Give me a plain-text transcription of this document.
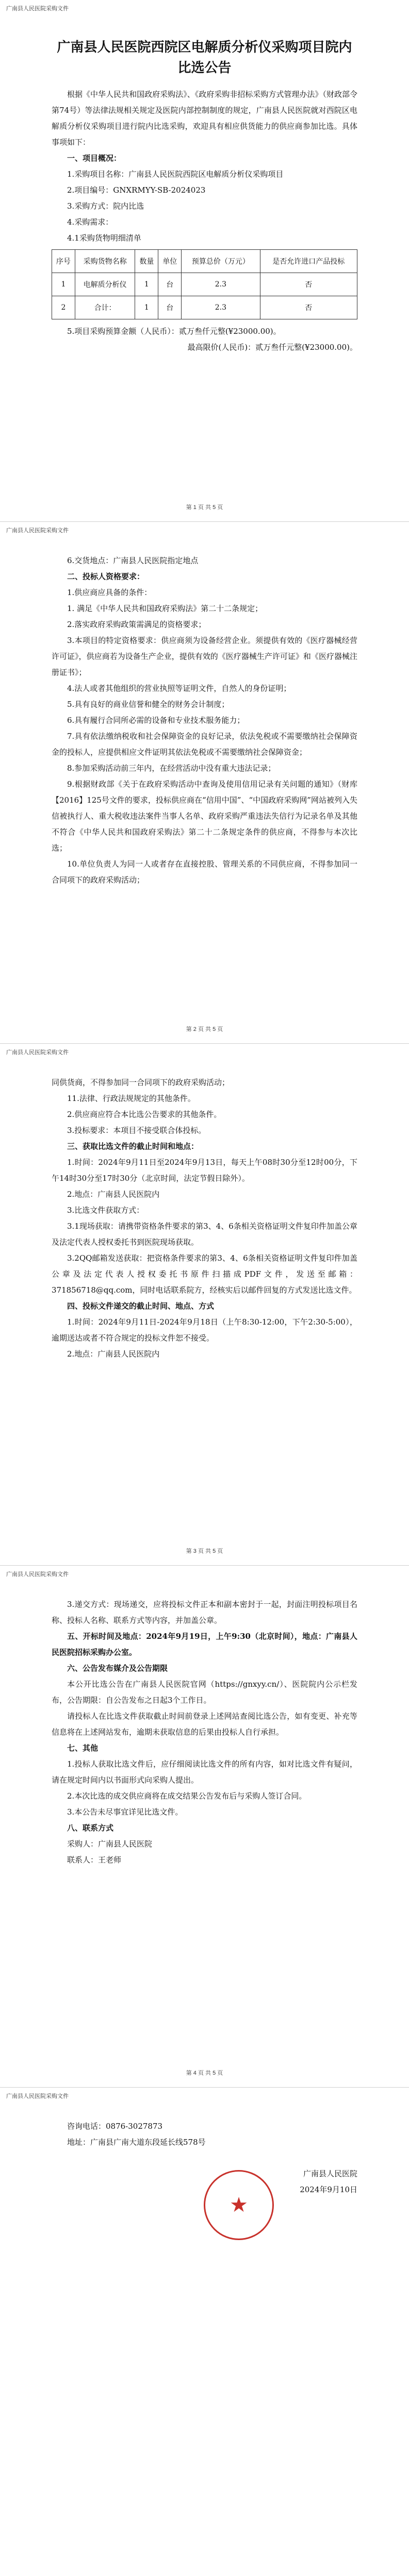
广南县人民医院采购文件
广南县人民医院西院区电解质分析仪采购项目院内比选公告

根据《中华人民共和国政府采购法》、《政府采购非招标采购方式管理办法》（财政部令第74号）等法律法规相关规定及医院内部控制制度的规定，广南县人民医院就对西院区电解质分析仪采购项目进行院内比选采购，欢迎具有相应供货能力的供应商参加比选。具体事项如下：

一、项目概况：

1.采购项目名称：广南县人民医院西院区电解质分析仪采购项目

2.项目编号：GNXRMYY-SB-2024023

3.采购方式：院内比选

4.采购需求：

4.1采购货物明细清单

序号	采购货物名称	数量	单位	预算总价（万元）	是否允许进口产品投标
1	电解质分析仪	1	台	2.3	否
2	合计：	1	台	2.3	否

5.项目采购预算金额（人民币）：贰万叁仟元整(¥23000.00)。

最高限价(人民币)：贰万叁仟元整(¥23000.00)。

第 1 页 共 5 页
广南县人民医院采购文件

6.交货地点：广南县人民医院指定地点

二、投标人资格要求：

1.供应商应具备的条件：

1. 满足《中华人民共和国政府采购法》第二十二条规定；

2.落实政府采购政策需满足的资格要求；

3.本项目的特定资格要求：供应商须为设备经营企业。须提供有效的《医疗器械经营许可证》，供应商若为设备生产企业，提供有效的《医疗器械生产许可证》和《医疗器械注册证书》；

4.法人或者其他组织的营业执照等证明文件，自然人的身份证明；

5.具有良好的商业信誉和健全的财务会计制度；

6.具有履行合同所必需的设备和专业技术服务能力；

7.具有依法缴纳税收和社会保障资金的良好记录，依法免税或不需要缴纳社会保障资金的投标人，应提供相应文件证明其依法免税或不需要缴纳社会保障资金；

8.参加采购活动前三年内，在经营活动中没有重大违法记录；

9.根据财政部《关于在政府采购活动中查询及使用信用记录有关问题的通知》（财库【2016】125号文件的要求，投标供应商在“信用中国”、“中国政府采购网”网站被列入失信被执行人、重大税收违法案件当事人名单、政府采购严重违法失信行为记录名单及其他不符合《中华人民共和国政府采购法》第二十二条规定条件的供应商，不得参与本次比选；

10.单位负责人为同一人或者存在直接控股、管理关系的不同供应商，不得参加同一合同项下的政府采购活动；

第 2 页 共 5 页
广南县人民医院采购文件

同供货商，不得参加同一合同项下的政府采购活动；

11.法律、行政法规规定的其他条件。

2.供应商应符合本比选公告要求的其他条件。

3.投标要求：本项目不接受联合体投标。

三、获取比选文件的截止时间和地点：

1.时间：2024年9月11日至2024年9月13日，每天上午08时30分至12时00分，下午14时30分至17时30分（北京时间，法定节假日除外）。

2.地点：广南县人民医院内

3.比选文件获取方式：

3.1现场获取：请携带资格条件要求的第3、4、6条相关资格证明文件复印件加盖公章及法定代表人授权委托书到医院现场获取。

3.2QQ邮箱发送获取：把资格条件要求的第3、4、6条相关资格证明文件复印件加盖公章及法定代表人授权委托书原件扫描成PDF文件，发送至邮箱：371856718@qq.com，同时电话联系院方，经核实后以邮件回复的方式发送比选文件。

四、投标文件递交的截止时间、地点、方式

1.时间：2024年9月11日-2024年9月18日（上午8:30-12:00，下午2:30-5:00），逾期送达或者不符合规定的投标文件恕不接受。

2.地点：广南县人民医院内

第 3 页 共 5 页
广南县人民医院采购文件

3.递交方式：现场递交，应将投标文件正本和副本密封于一起，封面注明投标项目名称、投标人名称、联系方式等内容，并加盖公章。

五、开标时间及地点：2024年9月19日，上午9:30（北京时间），地点：广南县人民医院招标采购办公室。

六、公告发布媒介及公告期限

本公开比选公告在广南县人民医院官网（https://gnxyy.cn/）、医院院内公示栏发布，公告期限：自公告发布之日起3个工作日。

请投标人在比选文件获取截止时间前登录上述网站查阅比选公告，如有变更、补充等信息将在上述网站发布，逾期未获取信息的后果由投标人自行承担。

七、其他

1.投标人获取比选文件后，应仔细阅读比选文件的所有内容，如对比选文件有疑问，请在规定时间内以书面形式向采购人提出。

2.本次比选的成交供应商将在成交结果公告发布后与采购人签订合同。

3.本公告未尽事宜详见比选文件。

八、联系方式

采购人：广南县人民医院

联系人：王老师

第 4 页 共 5 页
广南县人民医院采购文件

咨询电话：0876-3027873

地址：广南县广南大道东段延长线578号

★

广南县人民医院

2024年9月10日
